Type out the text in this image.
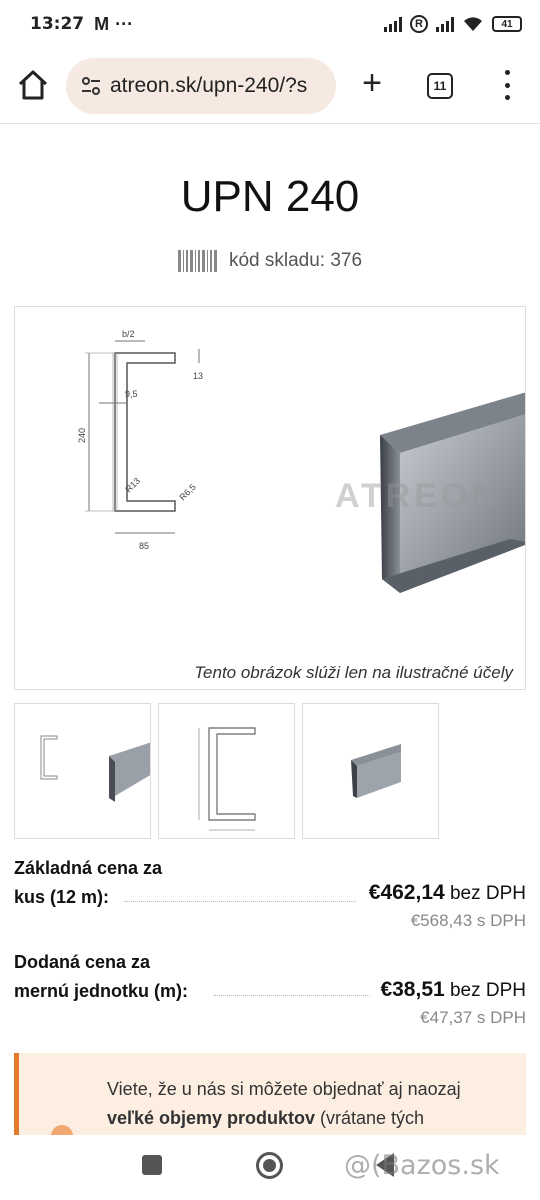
13:27 M ···	R	41
atreon.sk/upn-240/?s +	11
UPN 240
kód skladu: 376
b/2
240
13
9,5
R13	R6,5
85
ATREON
Tento obrázok slúži len na ilustračné účely
Základná cena za
kus (12 m):	€462,14 bez DPH
€568,43 s DPH
Dodaná cena za
mernú jednotku (m):	€38,51 bez DPH
€47,37 s DPH
Viete, že u nás si môžete objednať aj naozaj veľké objemy produktov (vrátane tých
@(Bazos.sk
